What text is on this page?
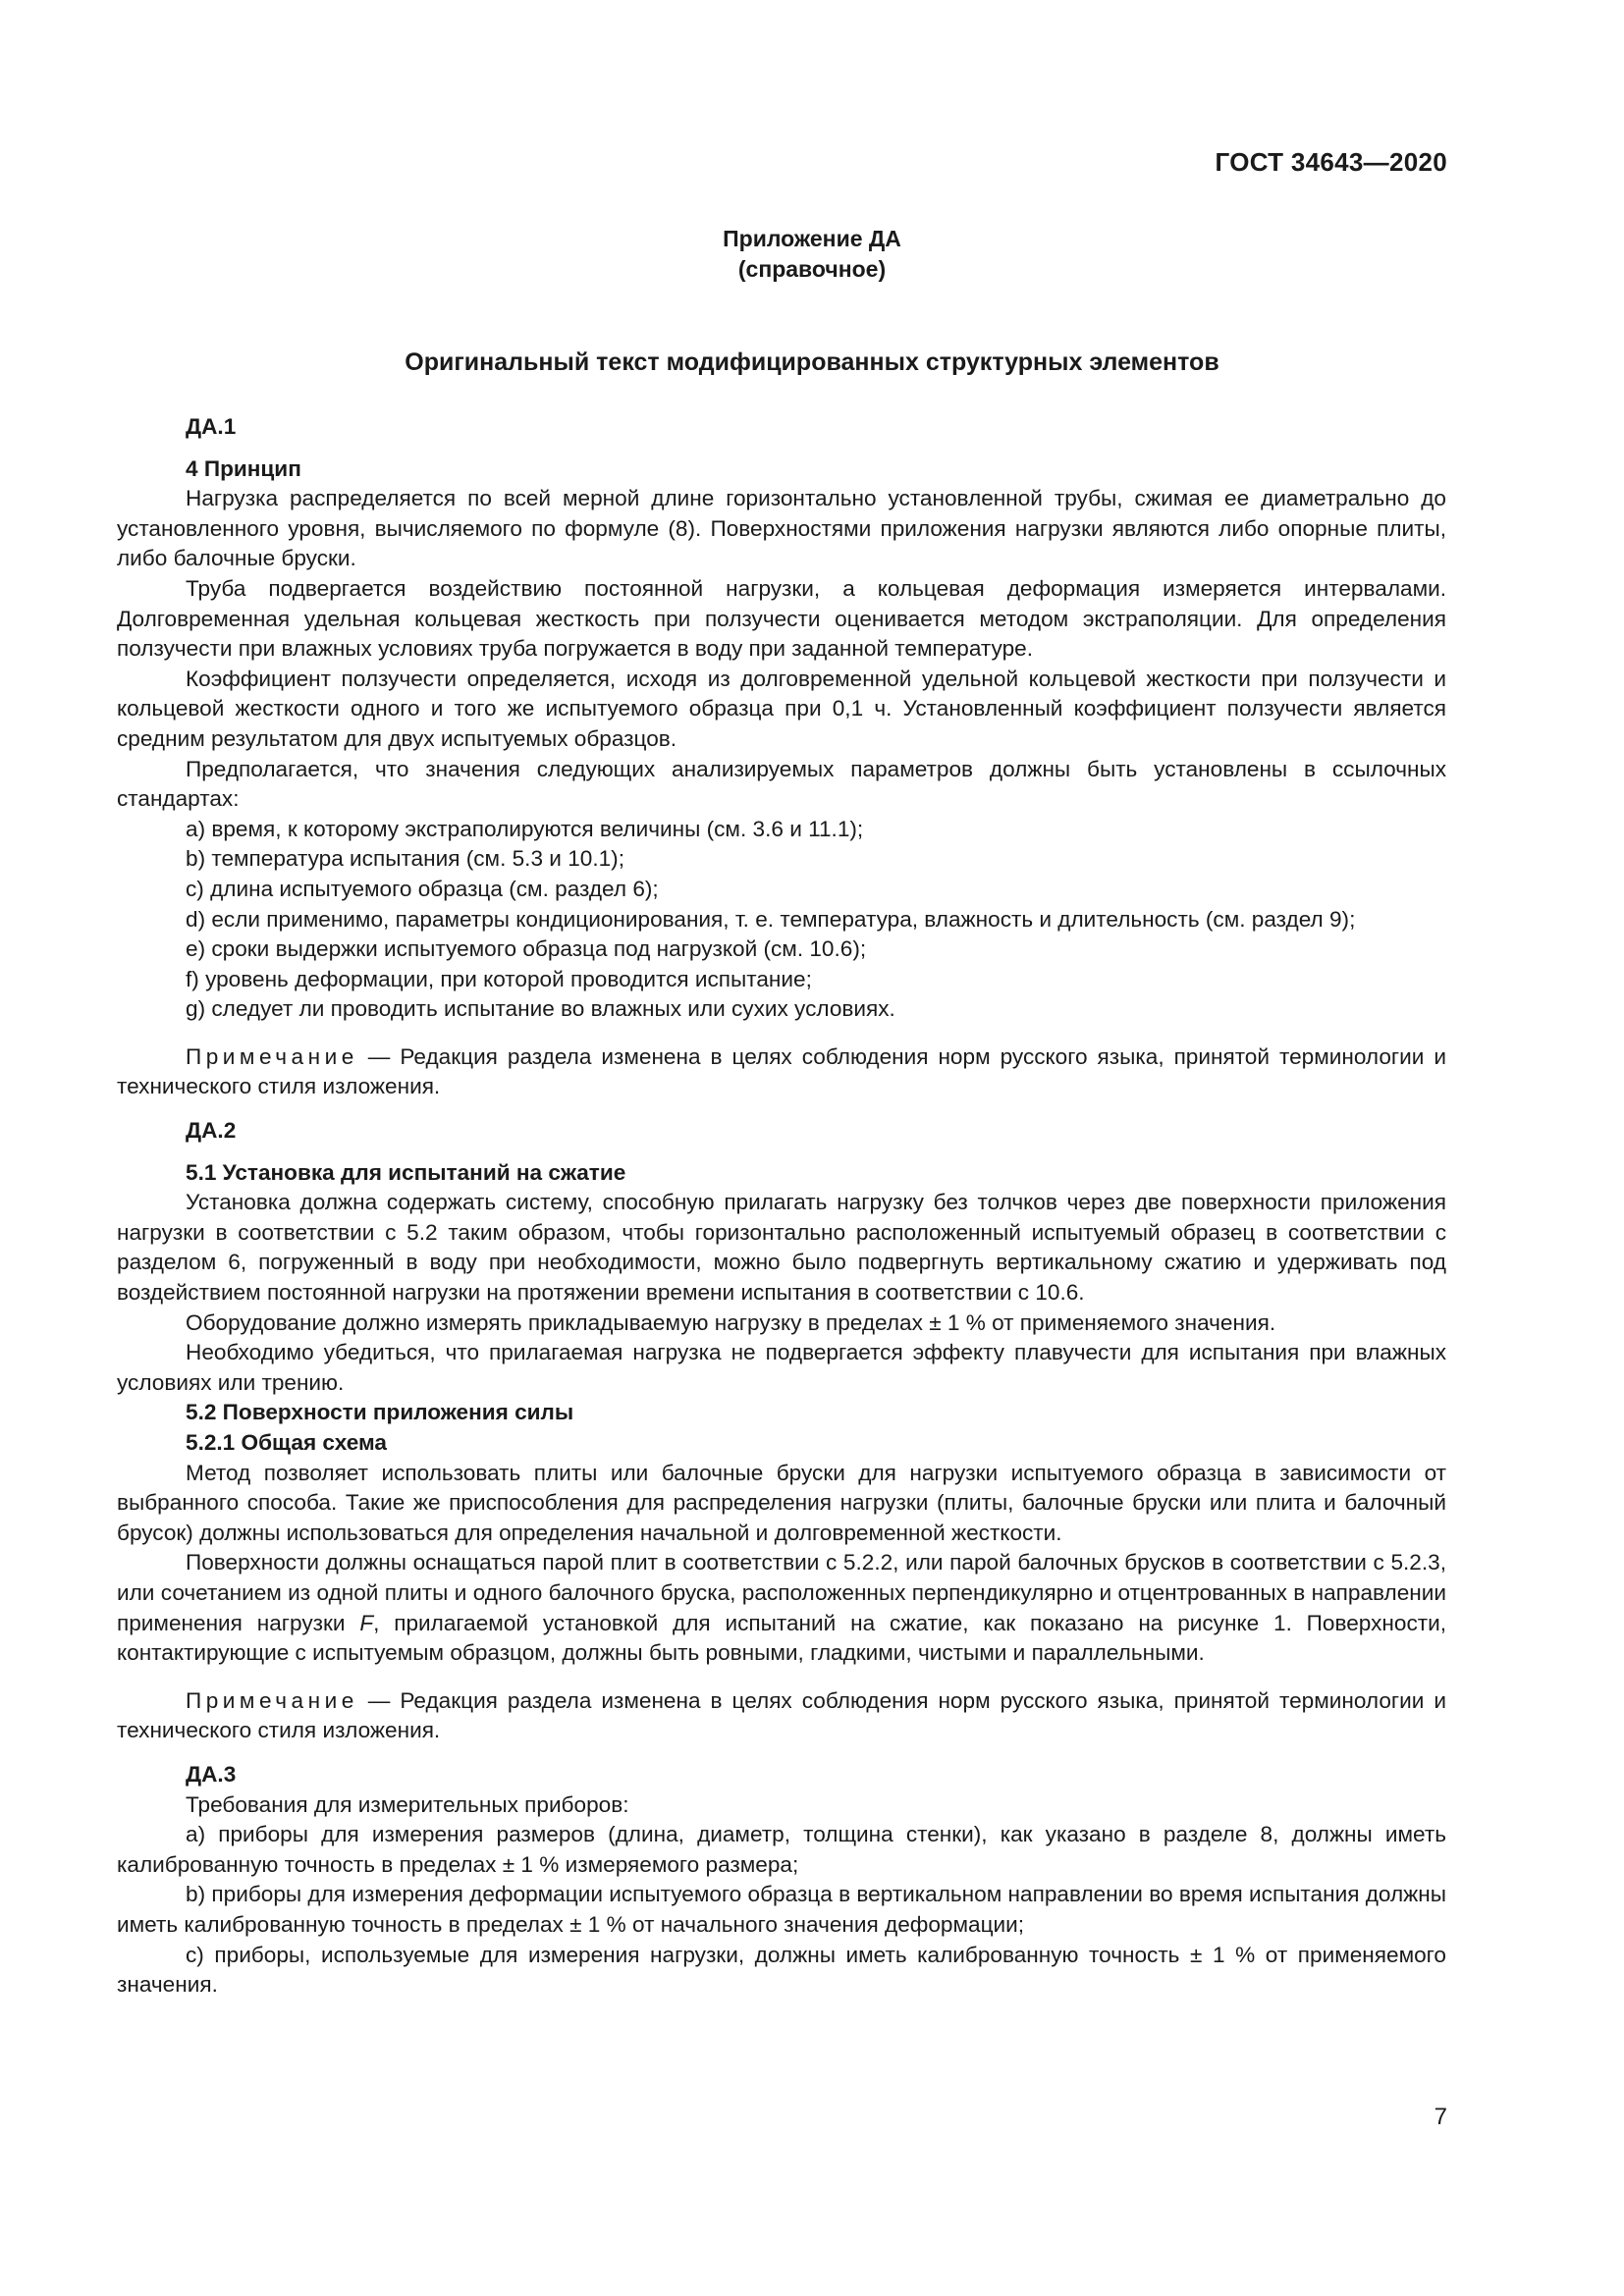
ГОСТ 34643—2020
Приложение ДА
(справочное)
Оригинальный текст модифицированных структурных элементов
ДА.1
4 Принцип

Нагрузка распределяется по всей мерной длине горизонтально установленной трубы, сжимая ее диаметрально до установленного уровня, вычисляемого по формуле (8). Поверхностями приложения нагрузки являются либо опорные плиты, либо балочные бруски.

Труба подвергается воздействию постоянной нагрузки, а кольцевая деформация измеряется интервалами. Долговременная удельная кольцевая жесткость при ползучести оценивается методом экстраполяции. Для определения ползучести при влажных условиях труба погружается в воду при заданной температуре.

Коэффициент ползучести определяется, исходя из долговременной удельной кольцевой жесткости при ползучести и кольцевой жесткости одного и того же испытуемого образца при 0,1 ч. Установленный коэффициент ползучести является средним результатом для двух испытуемых образцов.

Предполагается, что значения следующих анализируемых параметров должны быть установлены в ссылочных стандартах:

a) время, к которому экстраполируются величины (см. 3.6 и 11.1);

b) температура испытания (см. 5.3 и 10.1);

c) длина испытуемого образца (см. раздел 6);

d) если применимо, параметры кондиционирования, т. е. температура, влажность и длительность (см. раздел 9);

e) сроки выдержки испытуемого образца под нагрузкой (см. 10.6);

f) уровень деформации, при которой проводится испытание;

g) следует ли проводить испытание во влажных или сухих условиях.

Примечание — Редакция раздела изменена в целях соблюдения норм русского языка, принятой терминологии и технического стиля изложения.

ДА.2
5.1 Установка для испытаний на сжатие

Установка должна содержать систему, способную прилагать нагрузку без толчков через две поверхности приложения нагрузки в соответствии с 5.2 таким образом, чтобы горизонтально расположенный испытуемый образец в соответствии с разделом 6, погруженный в воду при необходимости, можно было подвергнуть вертикальному сжатию и удерживать под воздействием постоянной нагрузки на протяжении времени испытания в соответствии с 10.6.

Оборудование должно измерять прикладываемую нагрузку в пределах ± 1 % от применяемого значения.

Необходимо убедиться, что прилагаемая нагрузка не подвергается эффекту плавучести для испытания при влажных условиях или трению.

5.2 Поверхности приложения силы
5.2.1 Общая схема

Метод позволяет использовать плиты или балочные бруски для нагрузки испытуемого образца в зависимости от выбранного способа. Такие же приспособления для распределения нагрузки (плиты, балочные бруски или плита и балочный брусок) должны использоваться для определения начальной и долговременной жесткости.

Поверхности должны оснащаться парой плит в соответствии с 5.2.2, или парой балочных брусков в соответствии с 5.2.3, или сочетанием из одной плиты и одного балочного бруска, расположенных перпендикулярно и отцентрованных в направлении применения нагрузки F, прилагаемой установкой для испытаний на сжатие, как показано на рисунке 1. Поверхности, контактирующие с испытуемым образцом, должны быть ровными, гладкими, чистыми и параллельными.

Примечание — Редакция раздела изменена в целях соблюдения норм русского языка, принятой терминологии и технического стиля изложения.

ДА.3

Требования для измерительных приборов:

a) приборы для измерения размеров (длина, диаметр, толщина стенки), как указано в разделе 8, должны иметь калиброванную точность в пределах ± 1 % измеряемого размера;

b) приборы для измерения деформации испытуемого образца в вертикальном направлении во время испытания должны иметь калиброванную точность в пределах ± 1 % от начального значения деформации;

c) приборы, используемые для измерения нагрузки, должны иметь калиброванную точность ± 1 % от применяемого значения.

7
